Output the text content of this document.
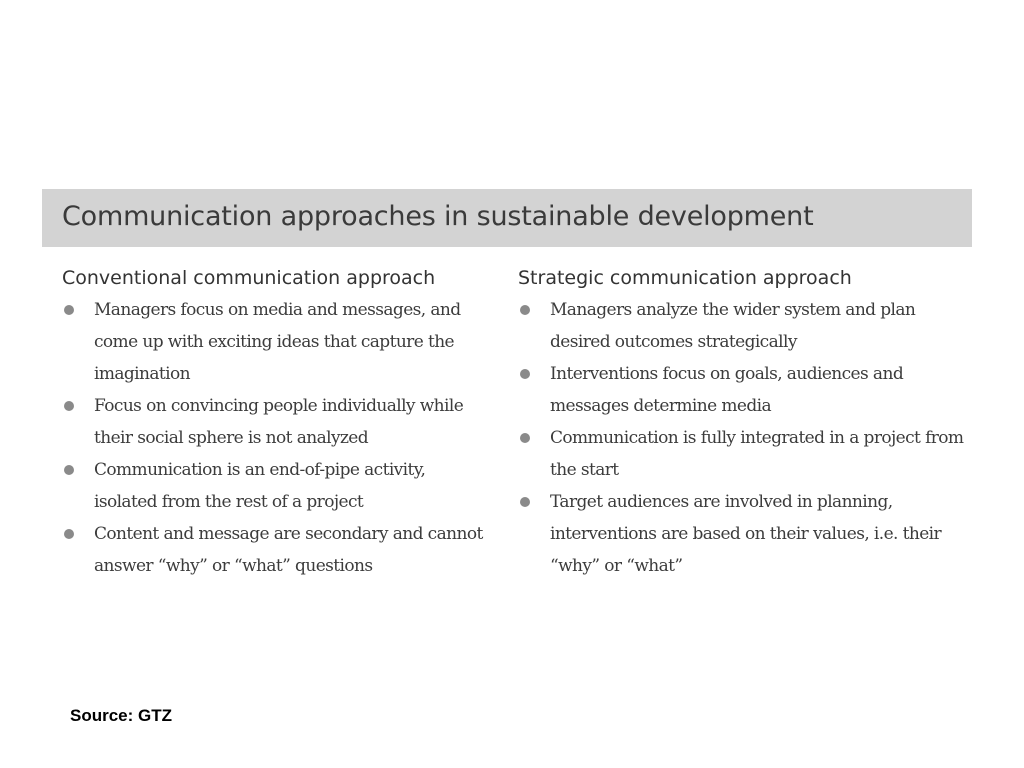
Communication approaches in sustainable development
Conventional communication approach
Managers focus on media and messages, and come up with exciting ideas that capture the imagination
Focus on convincing people individually while their social sphere is not analyzed
Communication is an end-of-pipe activity, isolated from the rest of a project
Content and message are secondary and cannot answer “why” or “what” questions
Strategic communication approach
Managers analyze the wider system and plan desired outcomes strategically
Interventions focus on goals, audiences and messages determine media
Communication is fully integrated in a project from the start
Target audiences are involved in planning, interventions are based on their values, i.e. their “why” or “what”
Source: GTZ
